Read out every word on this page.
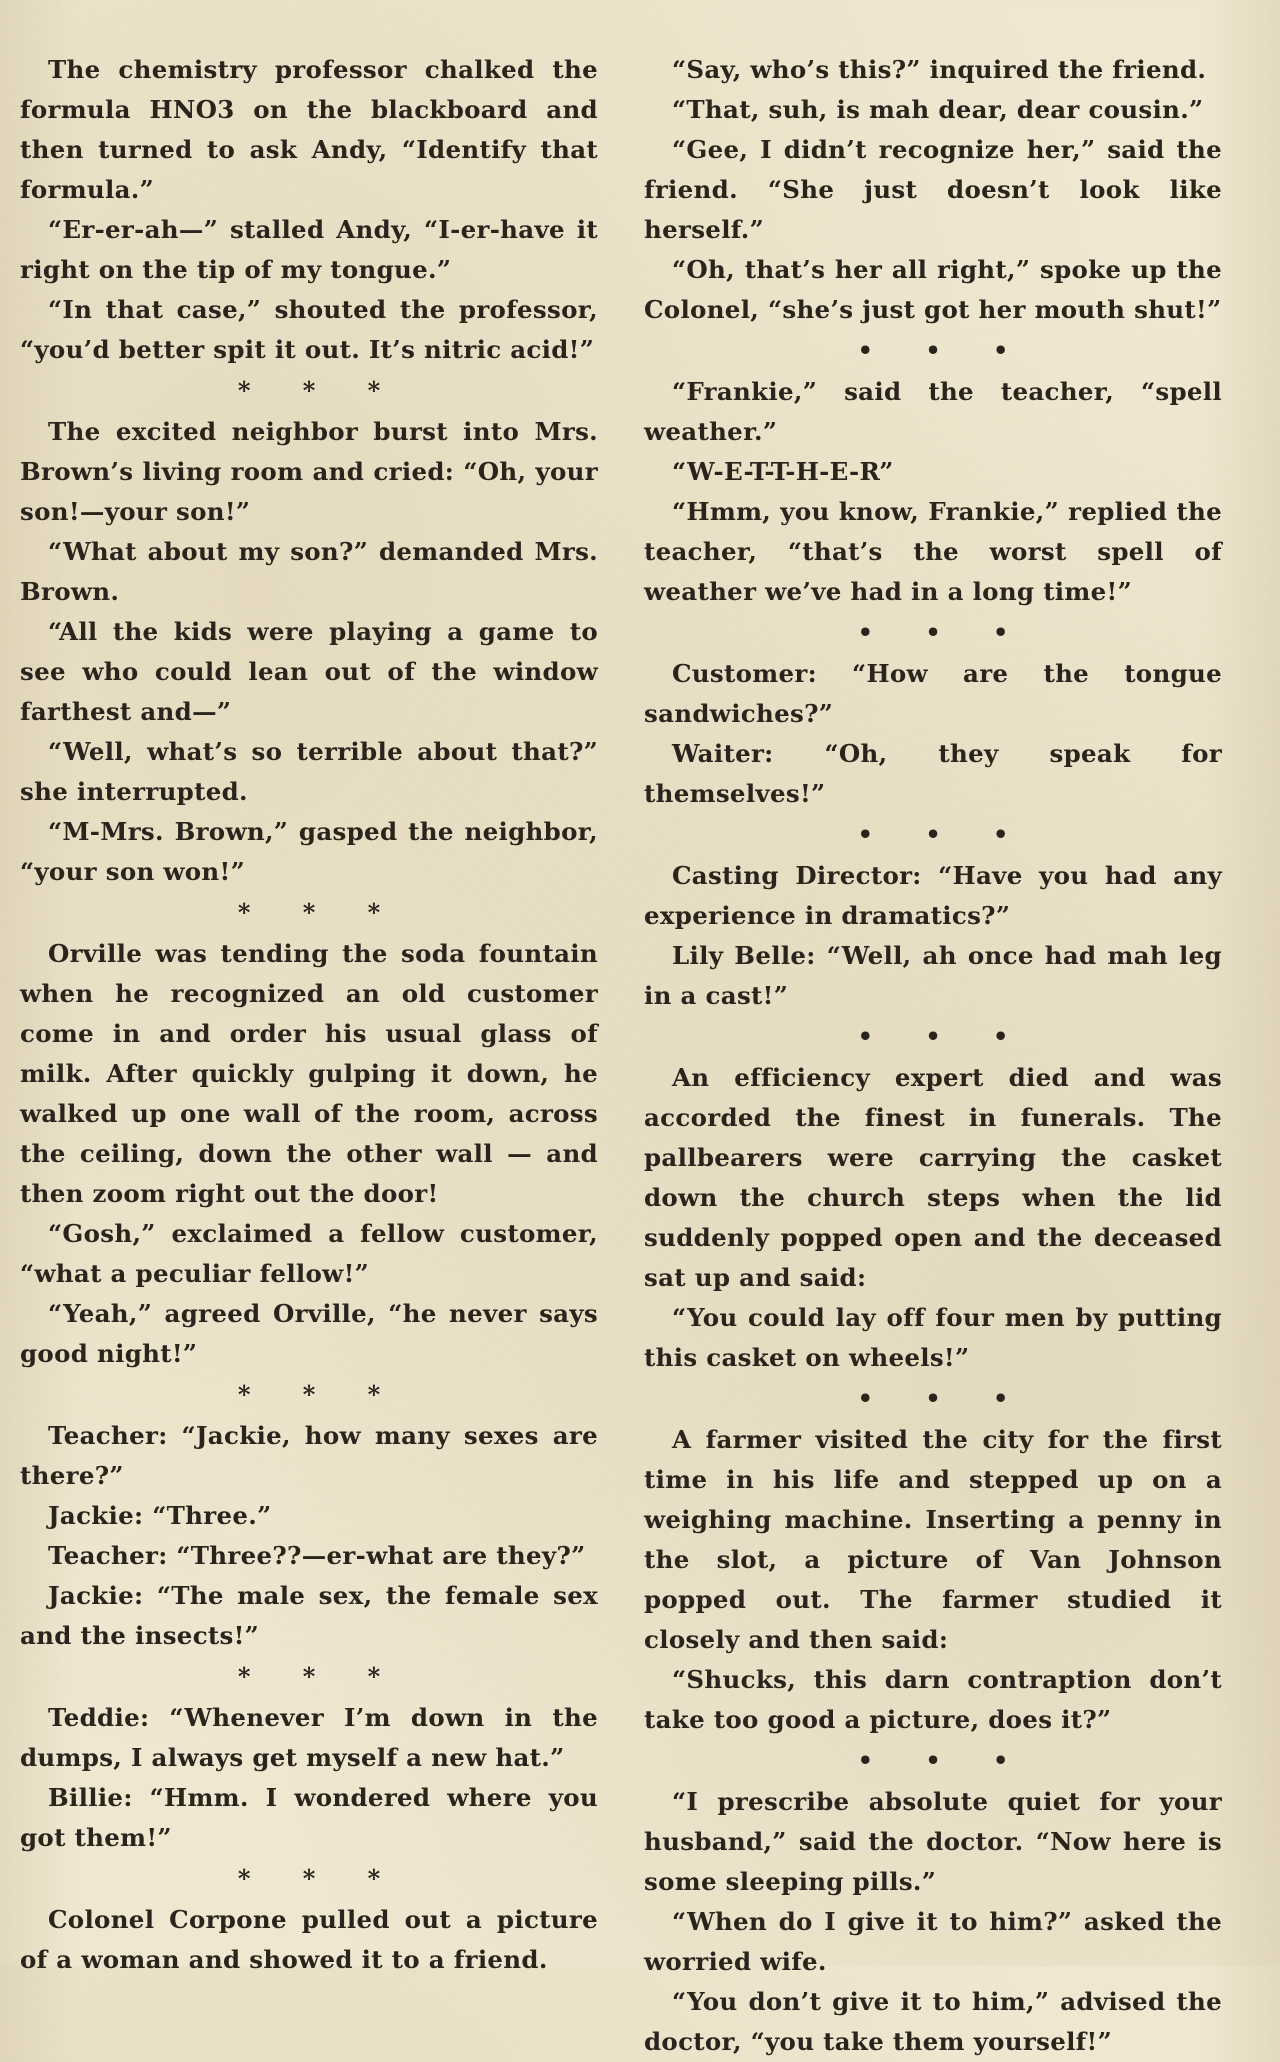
The chemistry professor chalked the formula HNO3 on the blackboard and then turned to ask Andy, “Identify that formula.”

“Er-er-ah—” stalled Andy, “I-er-have it right on the tip of my tongue.”

“In that case,” shouted the professor, “you’d better spit it out. It’s nitric acid!”

* * *

The excited neighbor burst into Mrs. Brown’s living room and cried: “Oh, your son!—your son!”

“What about my son?” demanded Mrs. Brown.

“All the kids were playing a game to see who could lean out of the window farthest and—”

“Well, what’s so terrible about that?” she interrupted.

“M-Mrs. Brown,” gasped the neighbor, “your son won!”

* * *

Orville was tending the soda fountain when he recognized an old customer come in and order his usual glass of milk. After quickly gulping it down, he walked up one wall of the room, across the ceiling, down the other wall — and then zoom right out the door!

“Gosh,” exclaimed a fellow customer, “what a peculiar fellow!”

“Yeah,” agreed Orville, “he never says good night!”

* * *

Teacher: “Jackie, how many sexes are there?”

Jackie: “Three.”

Teacher: “Three??—er-what are they?”

Jackie: “The male sex, the female sex and the insects!”

* * *

Teddie: “Whenever I’m down in the dumps, I always get myself a new hat.”

Billie: “Hmm. I wondered where you got them!”

* * *

Colonel Corpone pulled out a picture of a woman and showed it to a friend.

“Say, who’s this?” inquired the friend.

“That, suh, is mah dear, dear cousin.”

“Gee, I didn’t recognize her,” said the friend. “She just doesn’t look like herself.”

“Oh, that’s her all right,” spoke up the Colonel, “she’s just got her mouth shut!”

• • •

“Frankie,” said the teacher, “spell weather.”

“W-E-T-T-H-E-R”

“Hmm, you know, Frankie,” replied the teacher, “that’s the worst spell of weather we’ve had in a long time!”

• • •

Customer: “How are the tongue sandwiches?”

Waiter: “Oh, they speak for themselves!”

• • •

Casting Director: “Have you had any experience in dramatics?”

Lily Belle: “Well, ah once had mah leg in a cast!”

• • •

An efficiency expert died and was accorded the finest in funerals. The pallbearers were carrying the casket down the church steps when the lid suddenly popped open and the deceased sat up and said:

“You could lay off four men by putting this casket on wheels!”

• • •

A farmer visited the city for the first time in his life and stepped up on a weighing machine. Inserting a penny in the slot, a picture of Van Johnson popped out. The farmer studied it closely and then said:

“Shucks, this darn contraption don’t take too good a picture, does it?”

• • •

“I prescribe absolute quiet for your husband,” said the doctor. “Now here is some sleeping pills.”

“When do I give it to him?” asked the worried wife.

“You don’t give it to him,” advised the doctor, “you take them yourself!”
